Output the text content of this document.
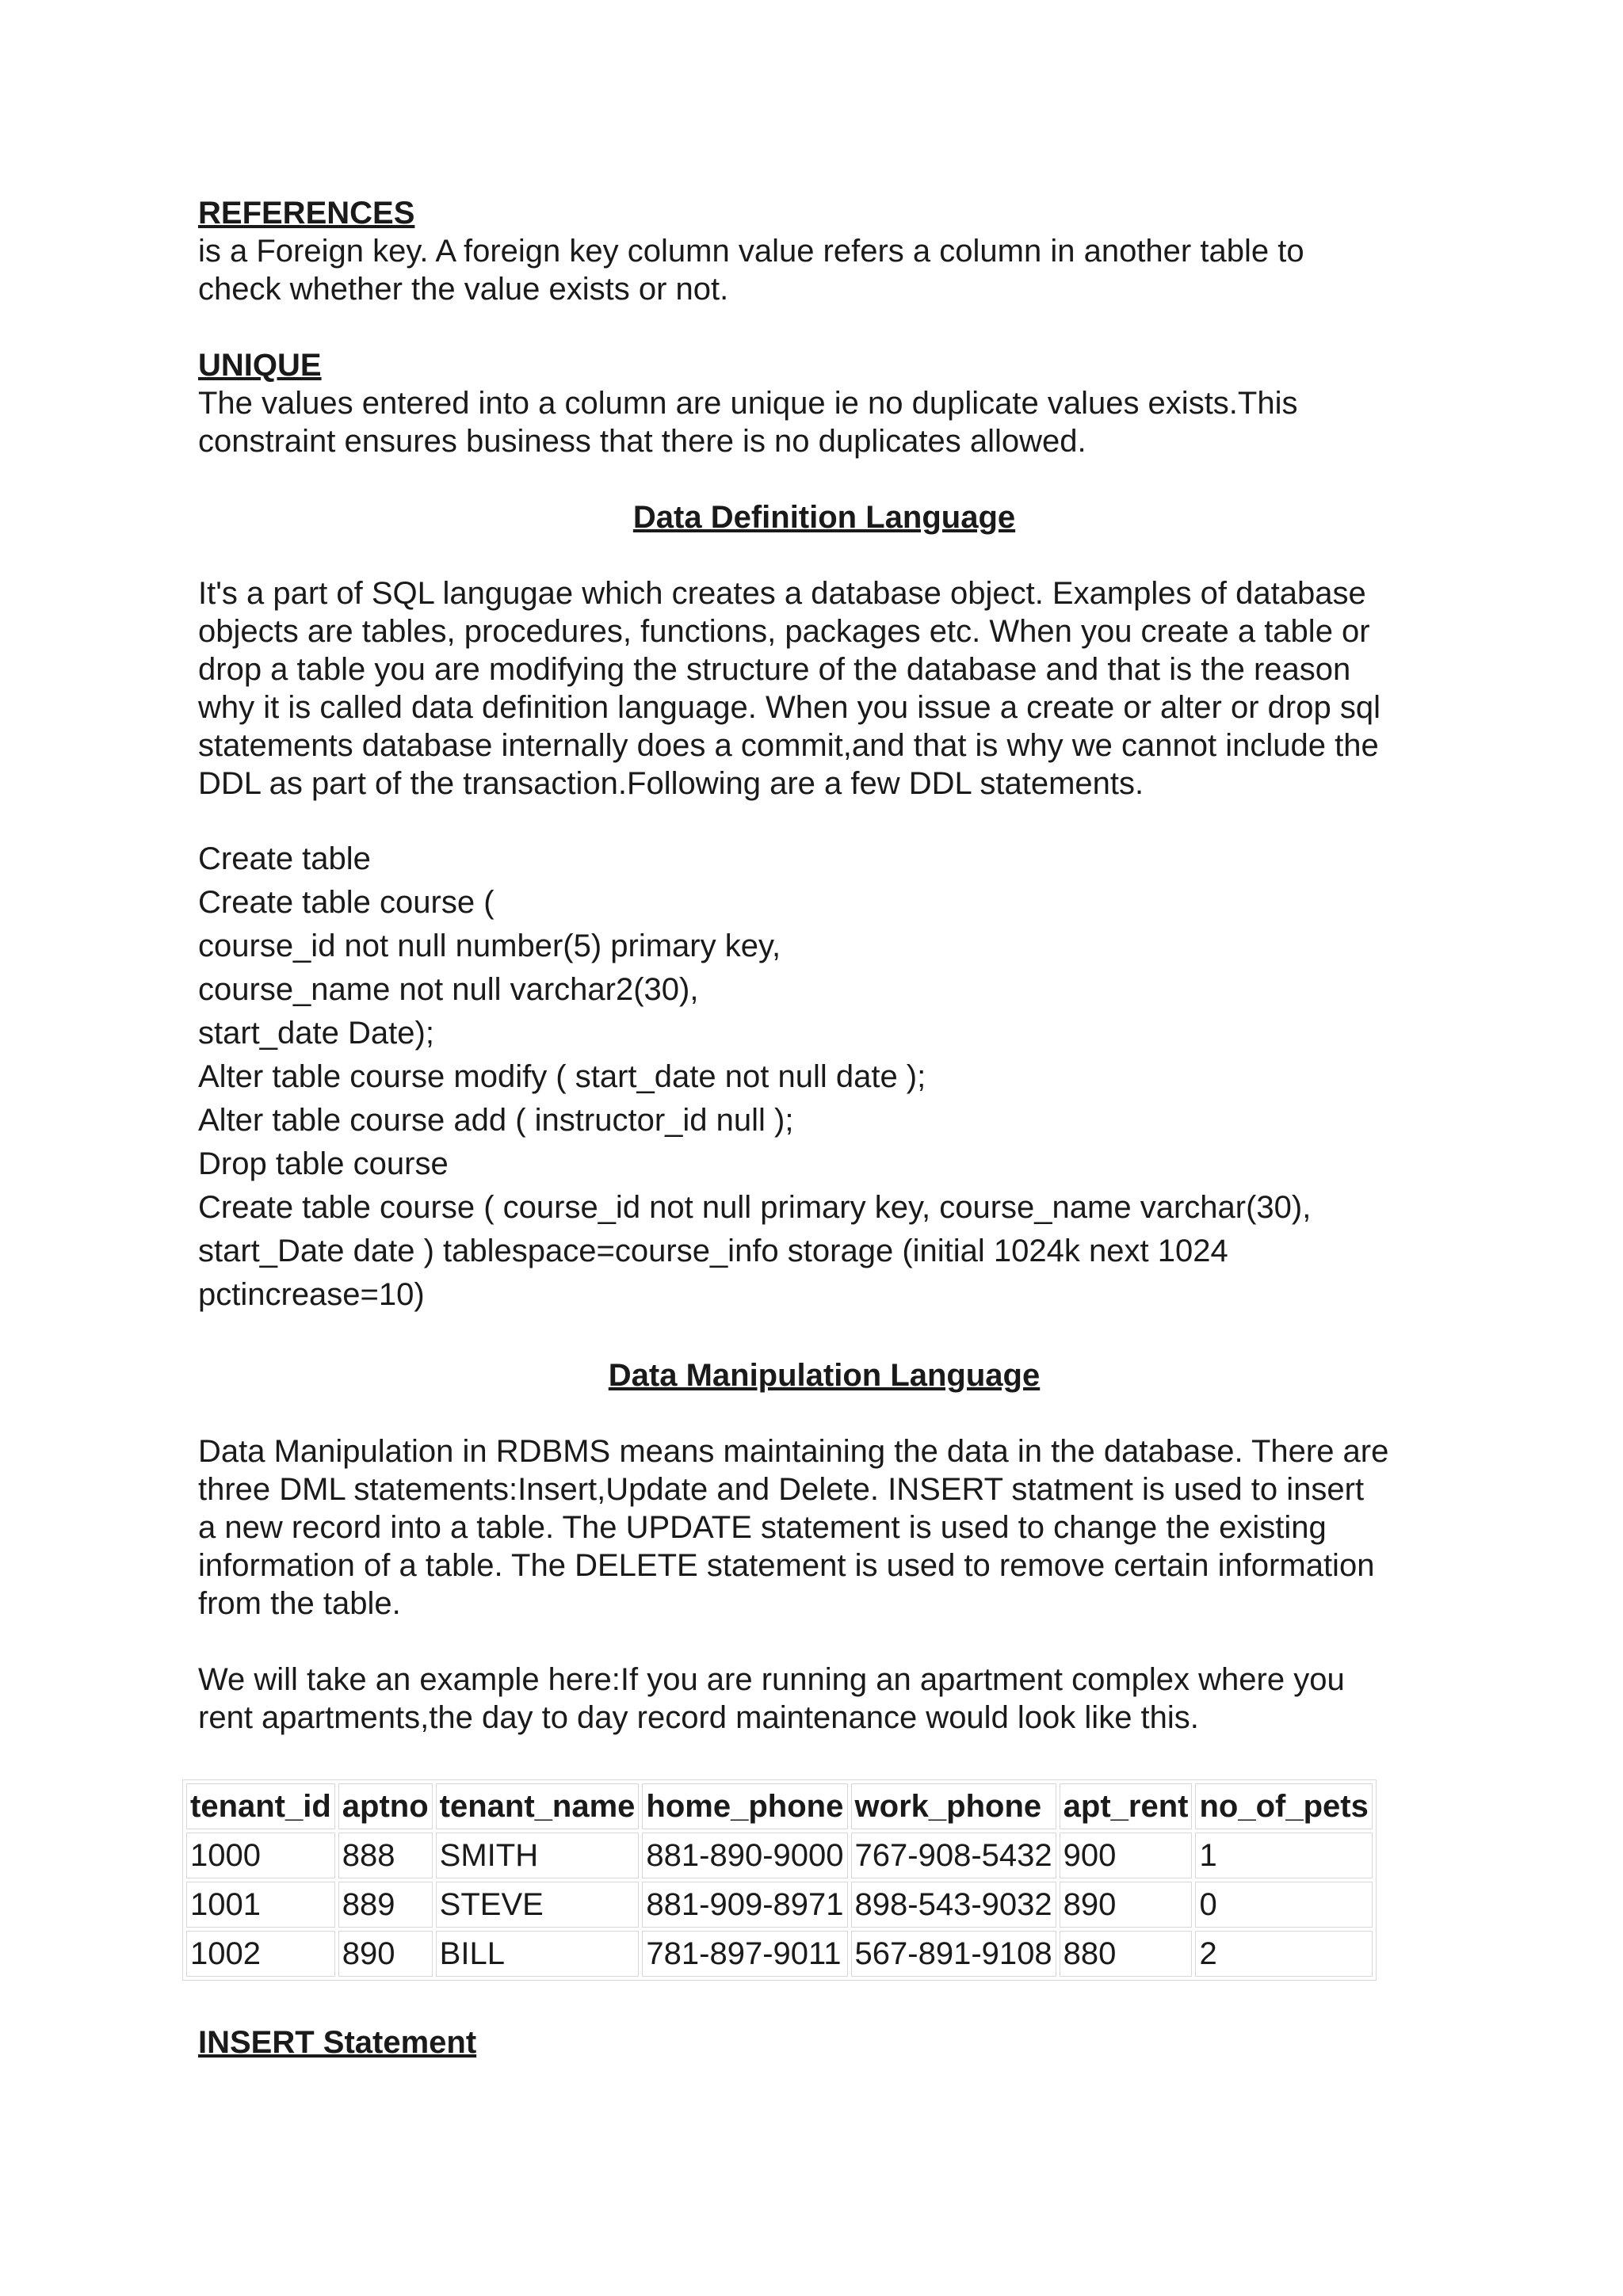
REFERENCES
is a Foreign key. A foreign key column value refers a column in another table to
check whether the value exists or not.
UNIQUE
The values entered into a column are unique ie no duplicate values exists.This
constraint ensures business that there is no duplicates allowed.
Data Definition Language
It's a part of SQL langugae which creates a database object. Examples of database
objects are tables, procedures, functions, packages etc. When you create a table or
drop a table you are modifying the structure of the database and that is the reason
why it is called data definition language. When you issue a create or alter or drop sql
statements database internally does a commit,and that is why we cannot include the
DDL as part of the transaction.Following are a few DDL statements.
Create table
Create table course (
course_id not null number(5) primary key,
course_name not null varchar2(30),
start_date Date);
Alter table course modify ( start_date not null date );
Alter table course add ( instructor_id null );
Drop table course
Create table course ( course_id not null primary key, course_name varchar(30),
start_Date date ) tablespace=course_info storage (initial 1024k next 1024
pctincrease=10)
Data Manipulation Language
Data Manipulation in RDBMS means maintaining the data in the database. There are
three DML statements:Insert,Update and Delete. INSERT statment is used to insert
a new record into a table. The UPDATE statement is used to change the existing
information of a table. The DELETE statement is used to remove certain information
from the table.
We will take an example here:If you are running an apartment complex where you
rent apartments,the day to day record maintenance would look like this.
tenant_id	aptno	tenant_name	home_phone	work_phone	apt_rent	no_of_pets
1000	888	SMITH	881-890-9000	767-908-5432	900	1
1001	889	STEVE	881-909-8971	898-543-9032	890	0
1002	890	BILL	781-897-9011	567-891-9108	880	2
INSERT Statement
